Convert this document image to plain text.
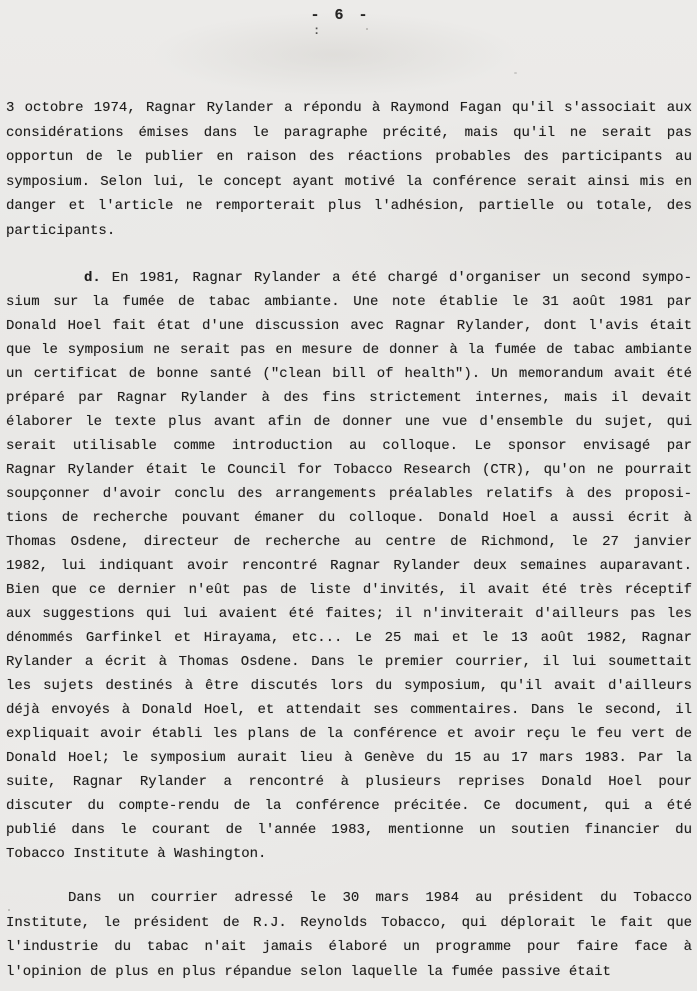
- 6 -
:
3 octobre 1974, Ragnar Rylander a répondu à Raymond Fagan qu'il s'associait aux
considérations émises dans le paragraphe précité, mais qu'il ne serait pas
opportun de le publier en raison des réactions probables des participants au
symposium. Selon lui, le concept ayant motivé la conférence serait ainsi mis en
danger et l'article ne remporterait plus l'adhésion, partielle ou totale, des
participants.
d. En 1981, Ragnar Rylander a été chargé d'organiser un second sympo-
sium sur la fumée de tabac ambiante. Une note établie le 31 août 1981 par
Donald Hoel fait état d'une discussion avec Ragnar Rylander, dont l'avis était
que le symposium ne serait pas en mesure de donner à la fumée de tabac ambiante
un certificat de bonne santé ("clean bill of health"). Un memorandum avait été
préparé par Ragnar Rylander à des fins strictement internes, mais il devait
élaborer le texte plus avant afin de donner une vue d'ensemble du sujet, qui
serait utilisable comme introduction au colloque. Le sponsor envisagé par
Ragnar Rylander était le Council for Tobacco Research (CTR), qu'on ne pourrait
soupçonner d'avoir conclu des arrangements préalables relatifs à des proposi-
tions de recherche pouvant émaner du colloque. Donald Hoel a aussi écrit à
Thomas Osdene, directeur de recherche au centre de Richmond, le 27 janvier
1982, lui indiquant avoir rencontré Ragnar Rylander deux semaines auparavant.
Bien que ce dernier n'eût pas de liste d'invités, il avait été très réceptif
aux suggestions qui lui avaient été faites; il n'inviterait d'ailleurs pas les
dénommés Garfinkel et Hirayama, etc... Le 25 mai et le 13 août 1982, Ragnar
Rylander a écrit à Thomas Osdene. Dans le premier courrier, il lui soumettait
les sujets destinés à être discutés lors du symposium, qu'il avait d'ailleurs
déjà envoyés à Donald Hoel, et attendait ses commentaires. Dans le second, il
expliquait avoir établi les plans de la conférence et avoir reçu le feu vert de
Donald Hoel; le symposium aurait lieu à Genève du 15 au 17 mars 1983. Par la
suite, Ragnar Rylander a rencontré à plusieurs reprises Donald Hoel pour
discuter du compte-rendu de la conférence précitée. Ce document, qui a été
publié dans le courant de l'année 1983, mentionne un soutien financier du
Tobacco Institute à Washington.
Dans un courrier adressé le 30 mars 1984 au président du Tobacco
Institute, le président de R.J. Reynolds Tobacco, qui déplorait le fait que
l'industrie du tabac n'ait jamais élaboré un programme pour faire face à
l'opinion de plus en plus répandue selon laquelle la fumée passive était
